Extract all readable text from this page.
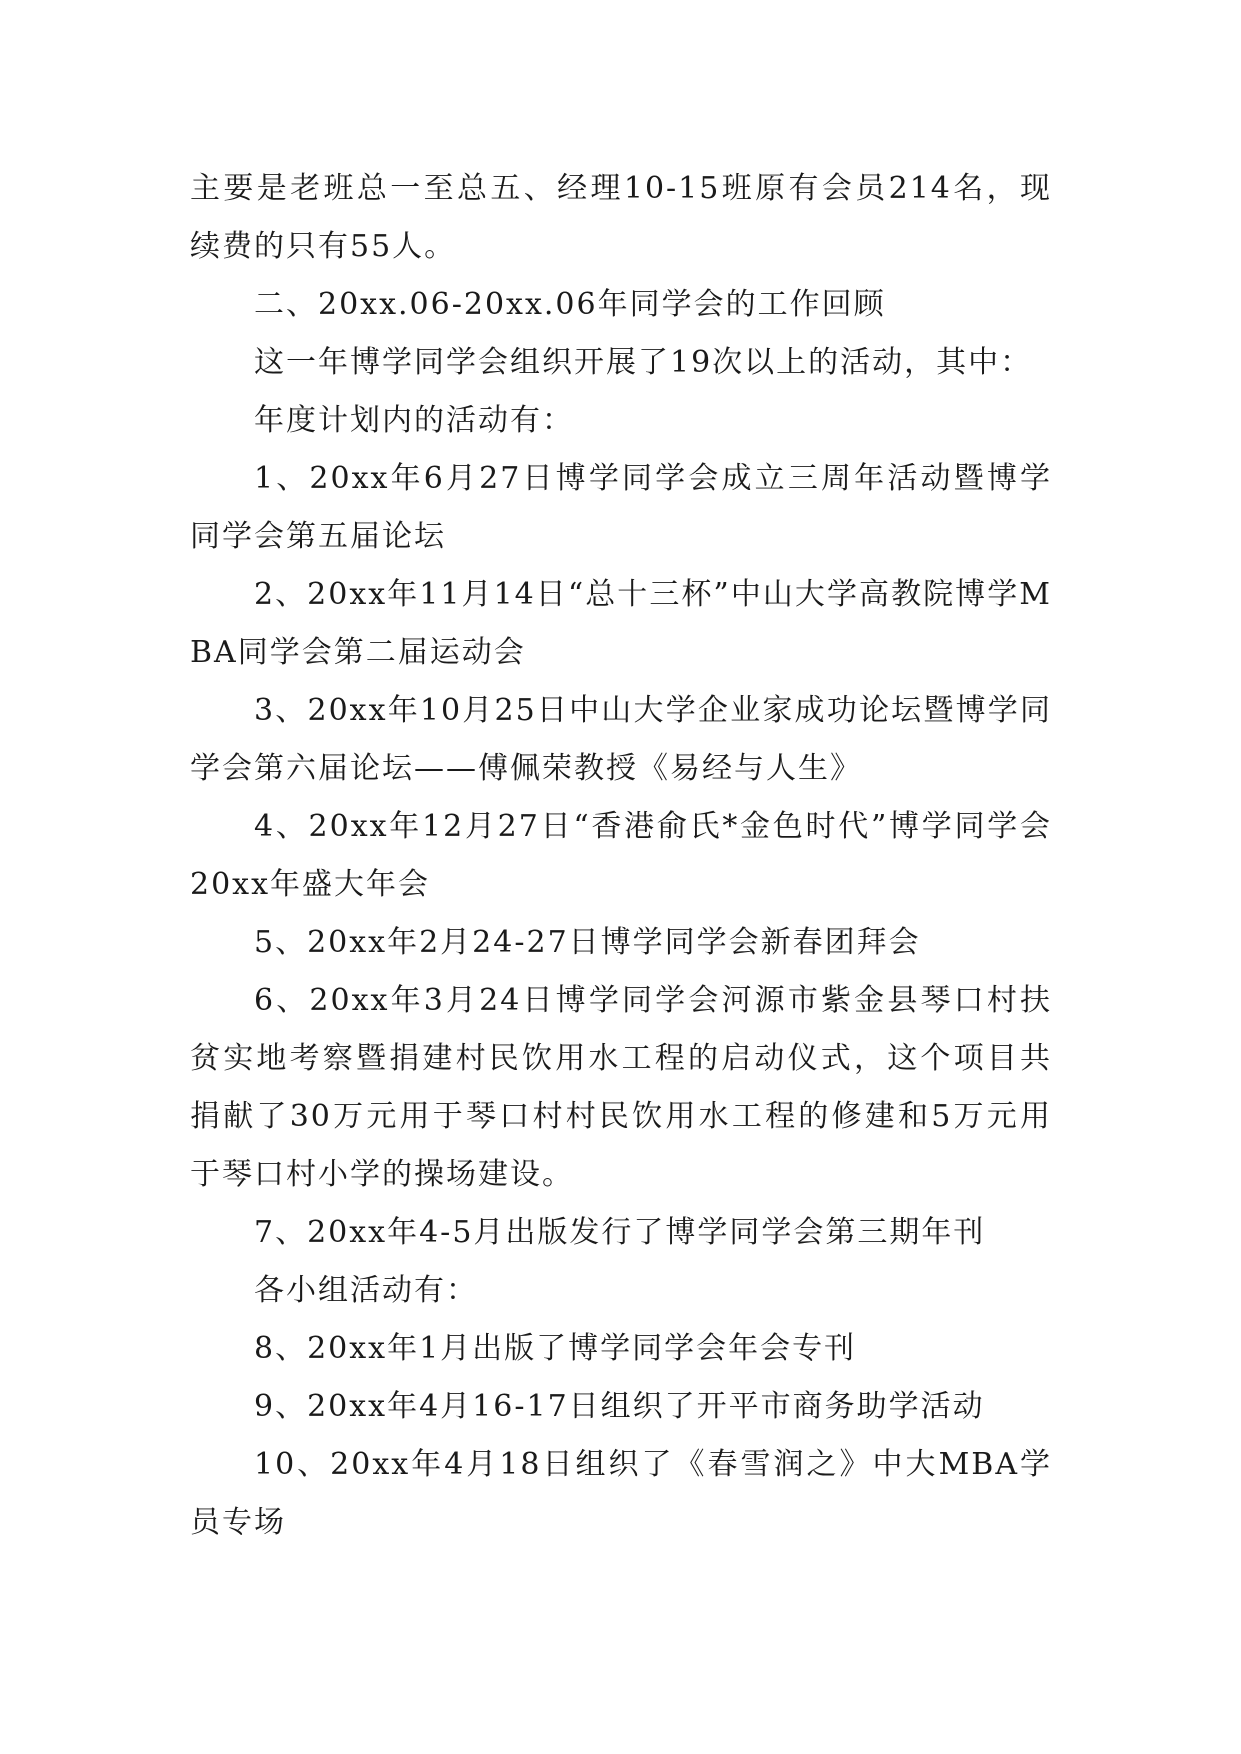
主要是老班总一至总五、经理10-15班原有会员214名，现续费的只有55人。

二、20xx.06-20xx.06年同学会的工作回顾

这一年博学同学会组织开展了19次以上的活动，其中：

年度计划内的活动有：

1、20xx年6月27日博学同学会成立三周年活动暨博学同学会第五届论坛

2、20xx年11月14日“总十三杯”中山大学高教院博学MBA同学会第二届运动会

3、20xx年10月25日中山大学企业家成功论坛暨博学同学会第六届论坛——傅佩荣教授《易经与人生》

4、20xx年12月27日“香港俞氏*金色时代”博学同学会20xx年盛大年会

5、20xx年2月24-27日博学同学会新春团拜会

6、20xx年3月24日博学同学会河源市紫金县琴口村扶贫实地考察暨捐建村民饮用水工程的启动仪式，这个项目共捐献了30万元用于琴口村村民饮用水工程的修建和5万元用于琴口村小学的操场建设。

7、20xx年4-5月出版发行了博学同学会第三期年刊

各小组活动有：

8、20xx年1月出版了博学同学会年会专刊

9、20xx年4月16-17日组织了开平市商务助学活动

10、20xx年4月18日组织了《春雪润之》中大MBA学员专场
